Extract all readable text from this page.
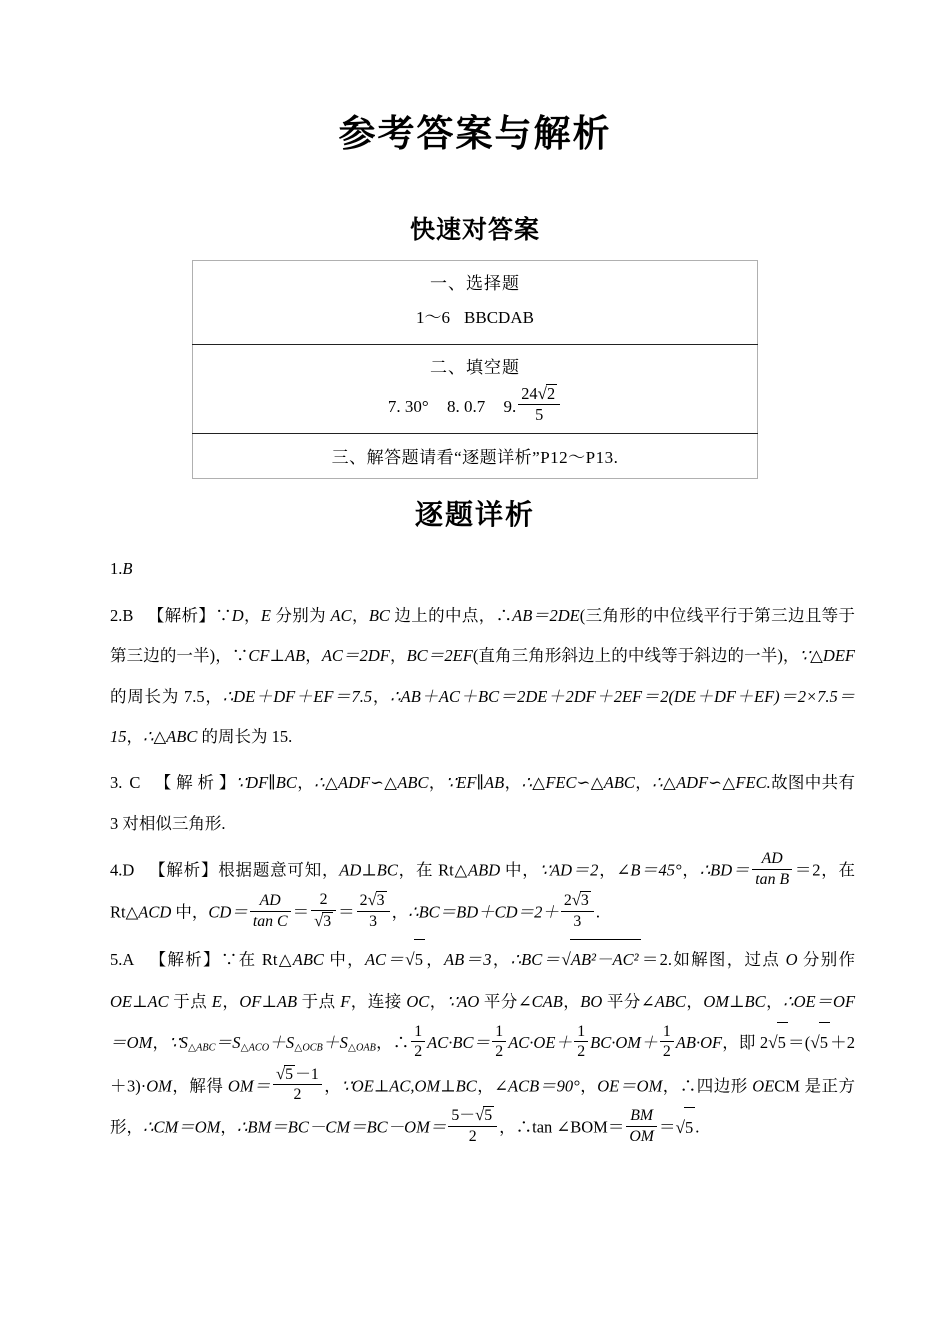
参考答案与解析
快速对答案
一、选择题
1～6 BBCDAB

二、填空题
7. 30° 8. 0.7 9. $\frac{24√2}{5}$

三、解答题请看“逐题详析”P12～P13.
逐题详析

1.B

2.B 【解析】∵D，E 分别为 AC，BC 边上的中点，∴AB＝2DE(三角形的中位线平行于第三边且等于第三边的一半)，∵CF⊥AB，AC＝2DF，BC＝2EF(直角三角形斜边上的中线等于斜边的一半)，∵△DEF 的周长为 7.5，∴DE＋DF＋EF＝7.5，∴AB＋AC＋BC＝2DE＋2DF＋2EF＝2(DE＋DF＋EF)＝2×7.5＝15，∴△ABC 的周长为 15.

3. C 【 解 析 】∵DF∥BC，∴△ADF∽△ABC，∵EF∥AB，∴△FEC∽△ABC，∴△ADF∽△FEC.故图中共有 3 对相似三角形.

4.D 【解析】根据题意可知，AD⊥BC，在 Rt△ABD 中，∵AD＝2，∠B＝45°，∴BD＝ $\frac{AD}{\text{tan B}} =2$，在 Rt△ACD 中，$CD= \frac{AD}{\text{tan C}} = \frac{2}{√3} = \frac{2√3}{3}$ ，∴BC＝BD＋CD＝2＋ $\frac{2√3}{3}$ .

5.A 【解析】∵在 Rt△ABC 中，AC＝√5 ，AB＝3，∴BC＝√AB²－AC² ＝2.如解图，过点 O 分别作 OE⊥AC 于点 E，OF⊥AB 于点 F，连接 OC，∵AO 平分∠CAB，BO 平分∠ABC，OM⊥BC，∴OE＝OF＝OM，$\because S_{\triangle ABC}=S_{\triangle ACO}+S_{\triangle OCB}+S_{\triangle OAB}$，∴ $\frac{1}{2} AC\cdot BC= \frac{1}{2} AC\cdot OE+ \frac{1}{2} BC\cdot OM+ \frac{1}{2} AB\cdot OF$，即 2√5 ＝(√5 ＋2＋3)·OM，解得 $OM= \frac{√5 -1}{2}$ ，∵OE⊥AC,OM⊥BC，∠ACB＝90°，OE＝OM，∴四边形 OECM 是正方形，∴CM＝OM，∴BM＝BC－CM＝BC－OM＝ $\frac{5-√5}{2}$ ，∴tan ∠BOM＝ $\frac{BM}{OM} =√5$ .
